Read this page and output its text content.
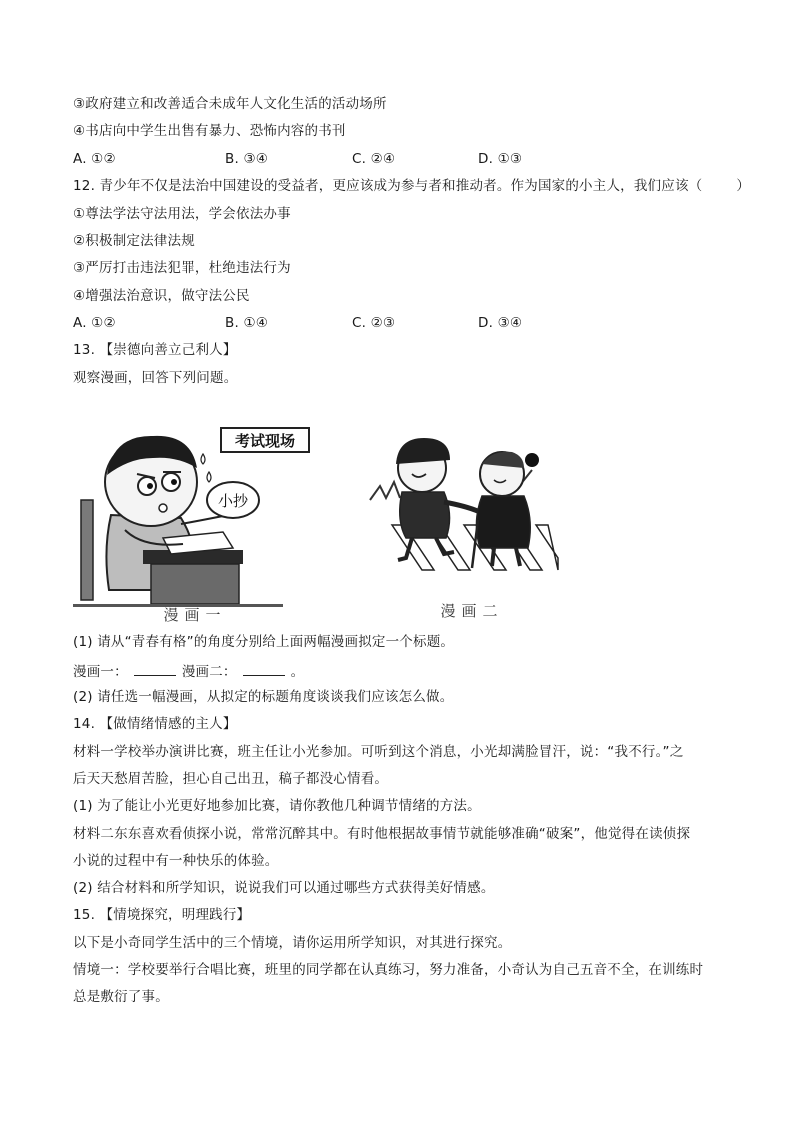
③政府建立和改善适合未成年人文化生活的活动场所
④书店向中学生出售有暴力、恐怖内容的书刊
A. ①②	B. ③④	C. ②④	D. ①③
12. 青少年不仅是法治中国建设的受益者，更应该成为参与者和推动者。作为国家的小主人，我们应该（	）
①尊法学法守法用法，学会依法办事
②积极制定法律法规
③严厉打击违法犯罪，杜绝违法行为
④增强法治意识，做守法公民
A. ①②	B. ①④	C. ②③	D. ③④
13. 【崇德向善立己利人】
观察漫画，回答下列问题。
考试现场
小抄
漫画一	漫画二
(1) 请从“青春有格”的角度分别给上面两幅漫画拟定一个标题。
漫画一：	漫画二：	。
(2) 请任选一幅漫画，从拟定的标题角度谈谈我们应该怎么做。
14. 【做情绪情感的主人】
材料一学校举办演讲比赛，班主任让小光参加。可听到这个消息，小光却满脸冒汗，说：“我不行。”之
后天天愁眉苦脸，担心自己出丑，稿子都没心情看。
(1) 为了能让小光更好地参加比赛，请你教他几种调节情绪的方法。
材料二东东喜欢看侦探小说，常常沉醉其中。有时他根据故事情节就能够准确“破案”，他觉得在读侦探
小说的过程中有一种快乐的体验。
(2) 结合材料和所学知识，说说我们可以通过哪些方式获得美好情感。
15. 【情境探究，明理践行】
以下是小奇同学生活中的三个情境，请你运用所学知识，对其进行探究。
情境一：学校要举行合唱比赛，班里的同学都在认真练习，努力准备，小奇认为自己五音不全，在训练时
总是敷衍了事。
